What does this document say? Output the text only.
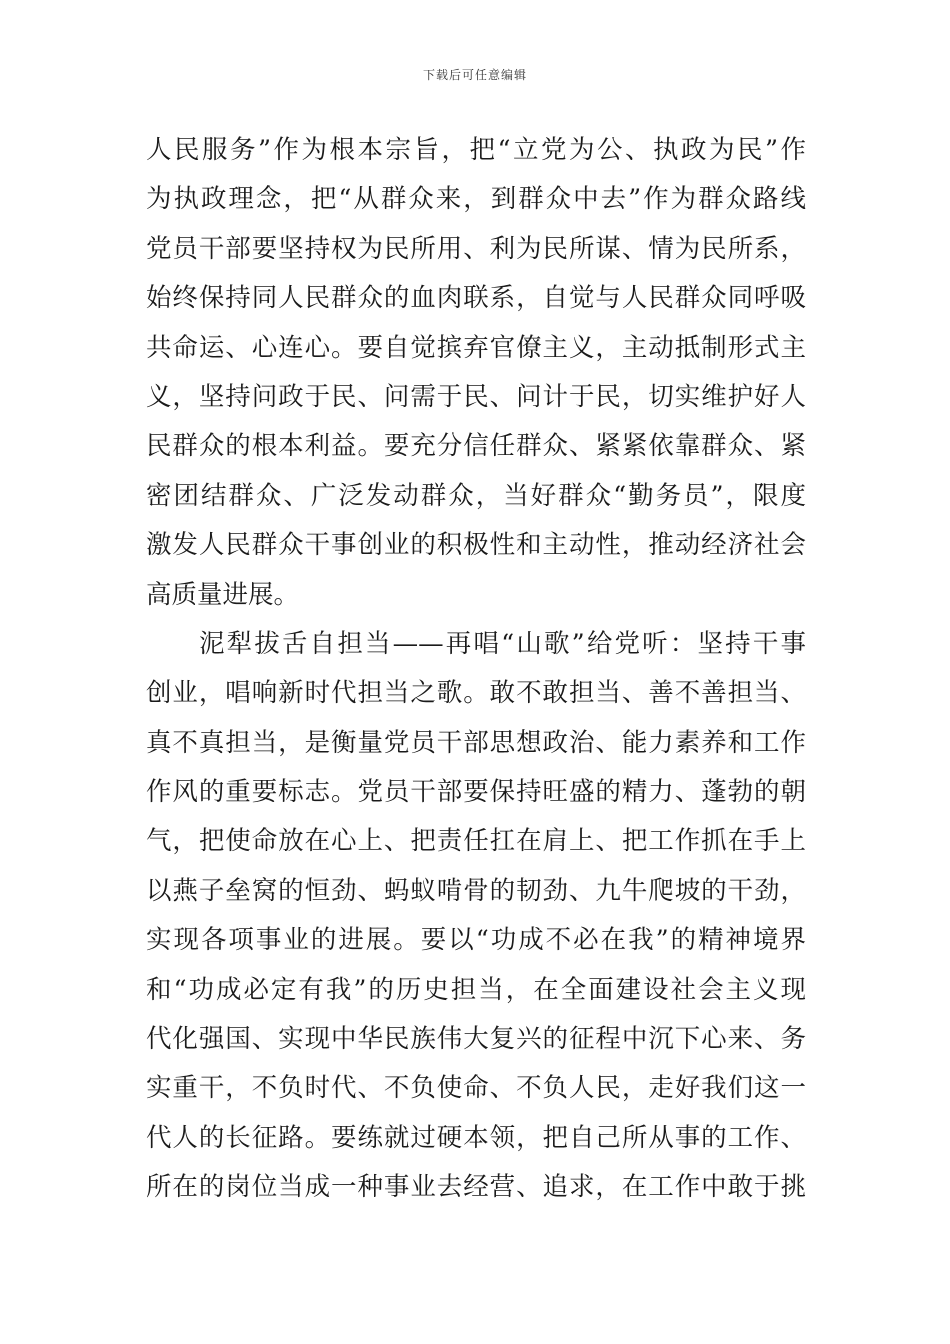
下载后可任意编辑
人民服务”作为根本宗旨，把“立党为公、执政为民”作
为执政理念，把“从群众来，到群众中去”作为群众路线
党员干部要坚持权为民所用、利为民所谋、情为民所系，
始终保持同人民群众的血肉联系，自觉与人民群众同呼吸
共命运、心连心。要自觉摈弃官僚主义，主动抵制形式主
义，坚持问政于民、问需于民、问计于民，切实维护好人
民群众的根本利益。要充分信任群众、紧紧依靠群众、紧
密团结群众、广泛发动群众，当好群众“勤务员”，限度
激发人民群众干事创业的积极性和主动性，推动经济社会
高质量进展。
泥犁拔舌自担当——再唱“山歌”给党听：坚持干事
创业，唱响新时代担当之歌。敢不敢担当、善不善担当、
真不真担当，是衡量党员干部思想政治、能力素养和工作
作风的重要标志。党员干部要保持旺盛的精力、蓬勃的朝
气，把使命放在心上、把责任扛在肩上、把工作抓在手上
以燕子垒窝的恒劲、蚂蚁啃骨的韧劲、九牛爬坡的干劲，
实现各项事业的进展。要以“功成不必在我”的精神境界
和“功成必定有我”的历史担当，在全面建设社会主义现
代化强国、实现中华民族伟大复兴的征程中沉下心来、务
实重干，不负时代、不负使命、不负人民，走好我们这一
代人的长征路。要练就过硬本领，把自己所从事的工作、
所在的岗位当成一种事业去经营、追求，在工作中敢于挑
